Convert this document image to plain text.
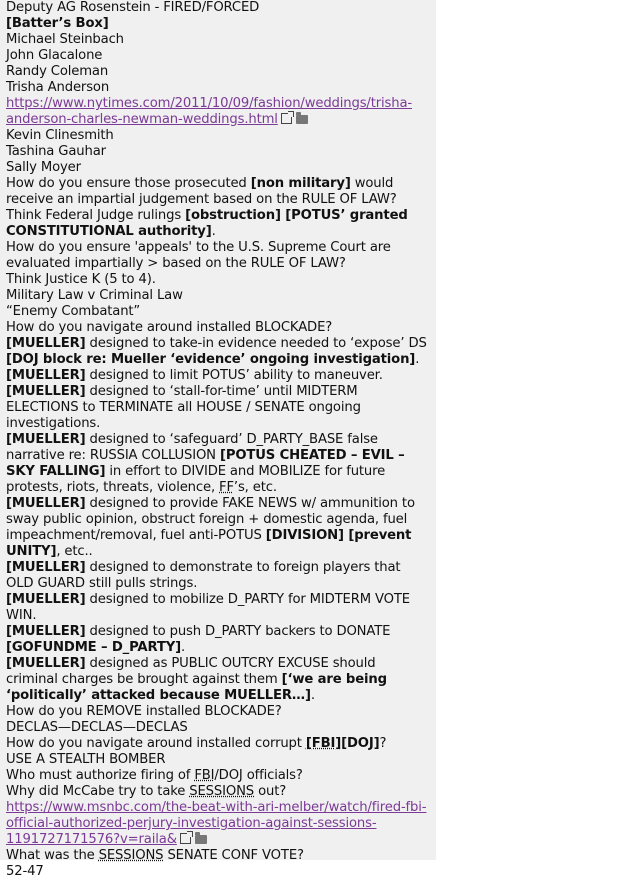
Deputy AG Rosenstein - FIRED/FORCED
[Batter’s Box]
Michael Steinbach
John Glacalone
Randy Coleman
Trisha Anderson
https://www.nytimes.com/2011/10/09/fashion/weddings/trisha-anderson-charles-newman-weddings.html
Kevin Clinesmith
Tashina Gauhar
Sally Moyer
How do you ensure those prosecuted [non military] would receive an impartial judgement based on the RULE OF LAW?
Think Federal Judge rulings [obstruction] [POTUS’ granted CONSTITUTIONAL authority].
How do you ensure 'appeals' to the U.S. Supreme Court are evaluated impartially > based on the RULE OF LAW?
Think Justice K (5 to 4).
Military Law v Criminal Law
“Enemy Combatant”
How do you navigate around installed BLOCKADE?
[MUELLER] designed to take-in evidence needed to ‘expose’ DS
[DOJ block re: Mueller ‘evidence’ ongoing investigation].
[MUELLER] designed to limit POTUS’ ability to maneuver.
[MUELLER] designed to ‘stall-for-time’ until MIDTERM ELECTIONS to TERMINATE all HOUSE / SENATE ongoing investigations.
[MUELLER] designed to ‘safeguard’ D_PARTY_BASE false narrative re: RUSSIA COLLUSION [POTUS CHEATED – EVIL – SKY FALLING] in effort to DIVIDE and MOBILIZE for future protests, riots, threats, violence, FF’s, etc.
[MUELLER] designed to provide FAKE NEWS w/ ammunition to sway public opinion, obstruct foreign + domestic agenda, fuel impeachment/removal, fuel anti-POTUS [DIVISION] [prevent UNITY], etc..
[MUELLER] designed to demonstrate to foreign players that OLD GUARD still pulls strings.
[MUELLER] designed to mobilize D_PARTY for MIDTERM VOTE WIN.
[MUELLER] designed to push D_PARTY backers to DONATE [GOFUNDME – D_PARTY].
[MUELLER] designed as PUBLIC OUTCRY EXCUSE should criminal charges be brought against them [‘we are being ‘politically’ attacked because MUELLER…].
How do you REMOVE installed BLOCKADE?
DECLAS—DECLAS—DECLAS
How do you navigate around installed corrupt [FBI][DOJ]?
USE A STEALTH BOMBER
Who must authorize firing of FBI/DOJ officials?
Why did McCabe try to take SESSIONS out?
https://www.msnbc.com/the-beat-with-ari-melber/watch/fired-fbi-official-authorized-perjury-investigation-against-sessions-1191727171576?v=raila&
What was the SESSIONS SENATE CONF VOTE?
52-47
